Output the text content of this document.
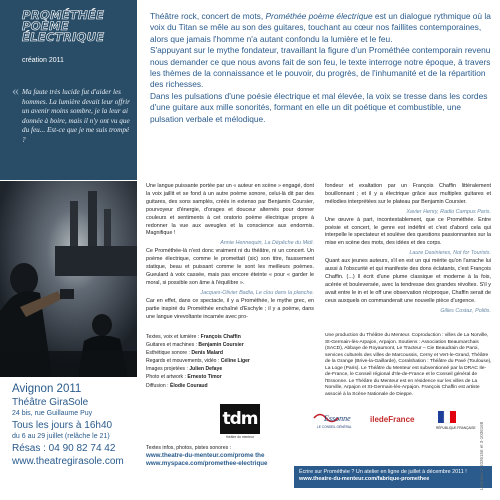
PROMÉTHÉE
POÈME
ÉLECTRIQUE
création 2011
« Ma faute très lucide fut d'aider les hommes. La lumière devait leur offrir un avenir moins sombre, je la leur ai donnée à boire, mais il n'y ont vu que du feu... Est-ce que je me suis trompé ?

Théâtre rock, concert de mots, Prométhée poème électrique est un dialogue rythmique où la voix du Titan se mêle au son des guitares, touchant au cœur nos faillites contemporaines, alors que jamais l'homme n'a autant confondu la lumière et le feu.

S'appuyant sur le mythe fondateur, travaillant la figure d'un Prométhée contemporain revenu nous demander ce que nous avons fait de son feu, le texte interroge notre époque, à travers les thèmes de la connaissance et le pouvoir, du progrès, de l'inhumanité et de la répartition des richesses.

Dans les pulsations d'une poésie électrique et mal élevée, la voix se tresse dans les cordes d'une guitare aux mille sonorités, formant en elle un dit poétique et combustible, une pulsation verbale et mélodique.

Une langue puissante portée par un « auteur en scène » engagé, dont la voix jaillit et se fond à un autre poème sonore, celui-là dit par des guitares, des sons samplés, créés in extenso par Benjamin Coursier, pourvoyeur d'énergie, d'orages et douceur alternés pour donner couleurs et sentiments à cet oratorio poème électrique propre à redonner la vue aux aveugles et la conscience aux endormis. Magnifique !

Annie Hennequin, La Dépêche du Midi.

Ce Prométhée-là n'est donc vraiment ni du théâtre, ni un concert. Un poème électrique, comme le promettait (sic) son titre, faussement statique, beau et puissant comme le sont les meilleurs poèmes. Gueulard à voix cassée, mais pas encore éteinte « pour « garder le moral, si possible son âme à l'équilibre ».

Jacques-Olivier Badia, Le clou dans la planche.

Car en effet, dans ce spectacle, il y a Prométhée, le mythe grec, en partie inspiré du Prométhée enchaîné d'Eschyle ; il y a poème, dans une langue virevoltante incarnée avec pro-

fondeur et exaltation par un François Chaffin littéralement bouillonnant ; et il y a électrique grâce aux multiples guitares et mélodies interprétées sur le plateau par Benjamin Coursier.

Xavier Henry, Radio Campus Paris.

Une œuvre à part, incontestablement, que ce Prométhée. Entre poésie et concert, le genre est indéfini et c'est d'abord cela qui interpelle le spectateur et soulève des questions passionnantes sur la mise en scène des mots, des idées et des corps.

Laure Dasinieres, Not for Tourists.

Quant aux jeunes auteurs, s'il en est un qui mérite qu'on l'arrache lui aussi à l'obscurité et qui manifeste des dons éclatants, c'est François Chaffin. (...) Il écrit d'une plume classique et moderne à la fois, acérée et bouleversée, avec la tendresse des grandes révoltes. S'il y avait entre le in et le off une observation réciproque, Chaffin serait de ceux auxquels on commanderait une nouvelle pièce d'urgence.

Gilles Costaz, Politis.
Textes, voix et lumière : François Chaffin
Guitares et machines : Benjamin Coursier
Esthétique sonore : Denis Malard
Regards et mouvements, vidéo : Céline Liger
Images projetées : Julien Defaye
Photo et artwork : Ernesto Timor
Diffusion : Élodie Couraud
Une production du Théâtre du Menteur. Coproduction : villes de La Norville, St-Germain-lès-Arpajon, Arpajon. Soutiens : Association Beaumarchais (SACD), Abbaye de Royaumont, Le Tracteur – Cie Beaudrain de Paroi, services culturels des villes de Marcoussis, Cerny et Vert-le-Grand, Théâtre de la Grange (Brive-la-Gaillarde), Coralshation : Théâtre du Pavé (Toulouse), La Loge (Paris). Le Théâtre du Menteur est subventionné par la DRAC Ile-de-France, le Conseil régional d'Ile-de-France et le Conseil général de l'Essonne. Le Théâtre du Menteur est en résidence sur les villes de La Norville, Arpajon et St-Germain-lès-Arpajon. François Chaffin est artiste associé à la Scène Nationale de Dieppe.
Avignon 2011
Théâtre GiraSole
24 bis, rue Guillaume Puy
Tous les jours à 16h40
du 6 au 29 juillet (relâche le 21)
Résas : 04 90 82 74 42
www.theatregirasole.com
tdm
théâtre du menteur
Essonne
LE CONSEIL GÉNÉRAL
iledeFrance
RÉPUBLIQUE FRANÇAISE
Textes infos, photos, pistes sonores :
www.theatre-du-menteur.com/prome the
www.myspace.com/promethee-electrique
Écrire sur Prométhée ? Un atelier en ligne de juillet à décembre 2011 !
www.theatre-du-menteur.com/fabrique-promethee	Licences 2-1036156 et 3-1036168
